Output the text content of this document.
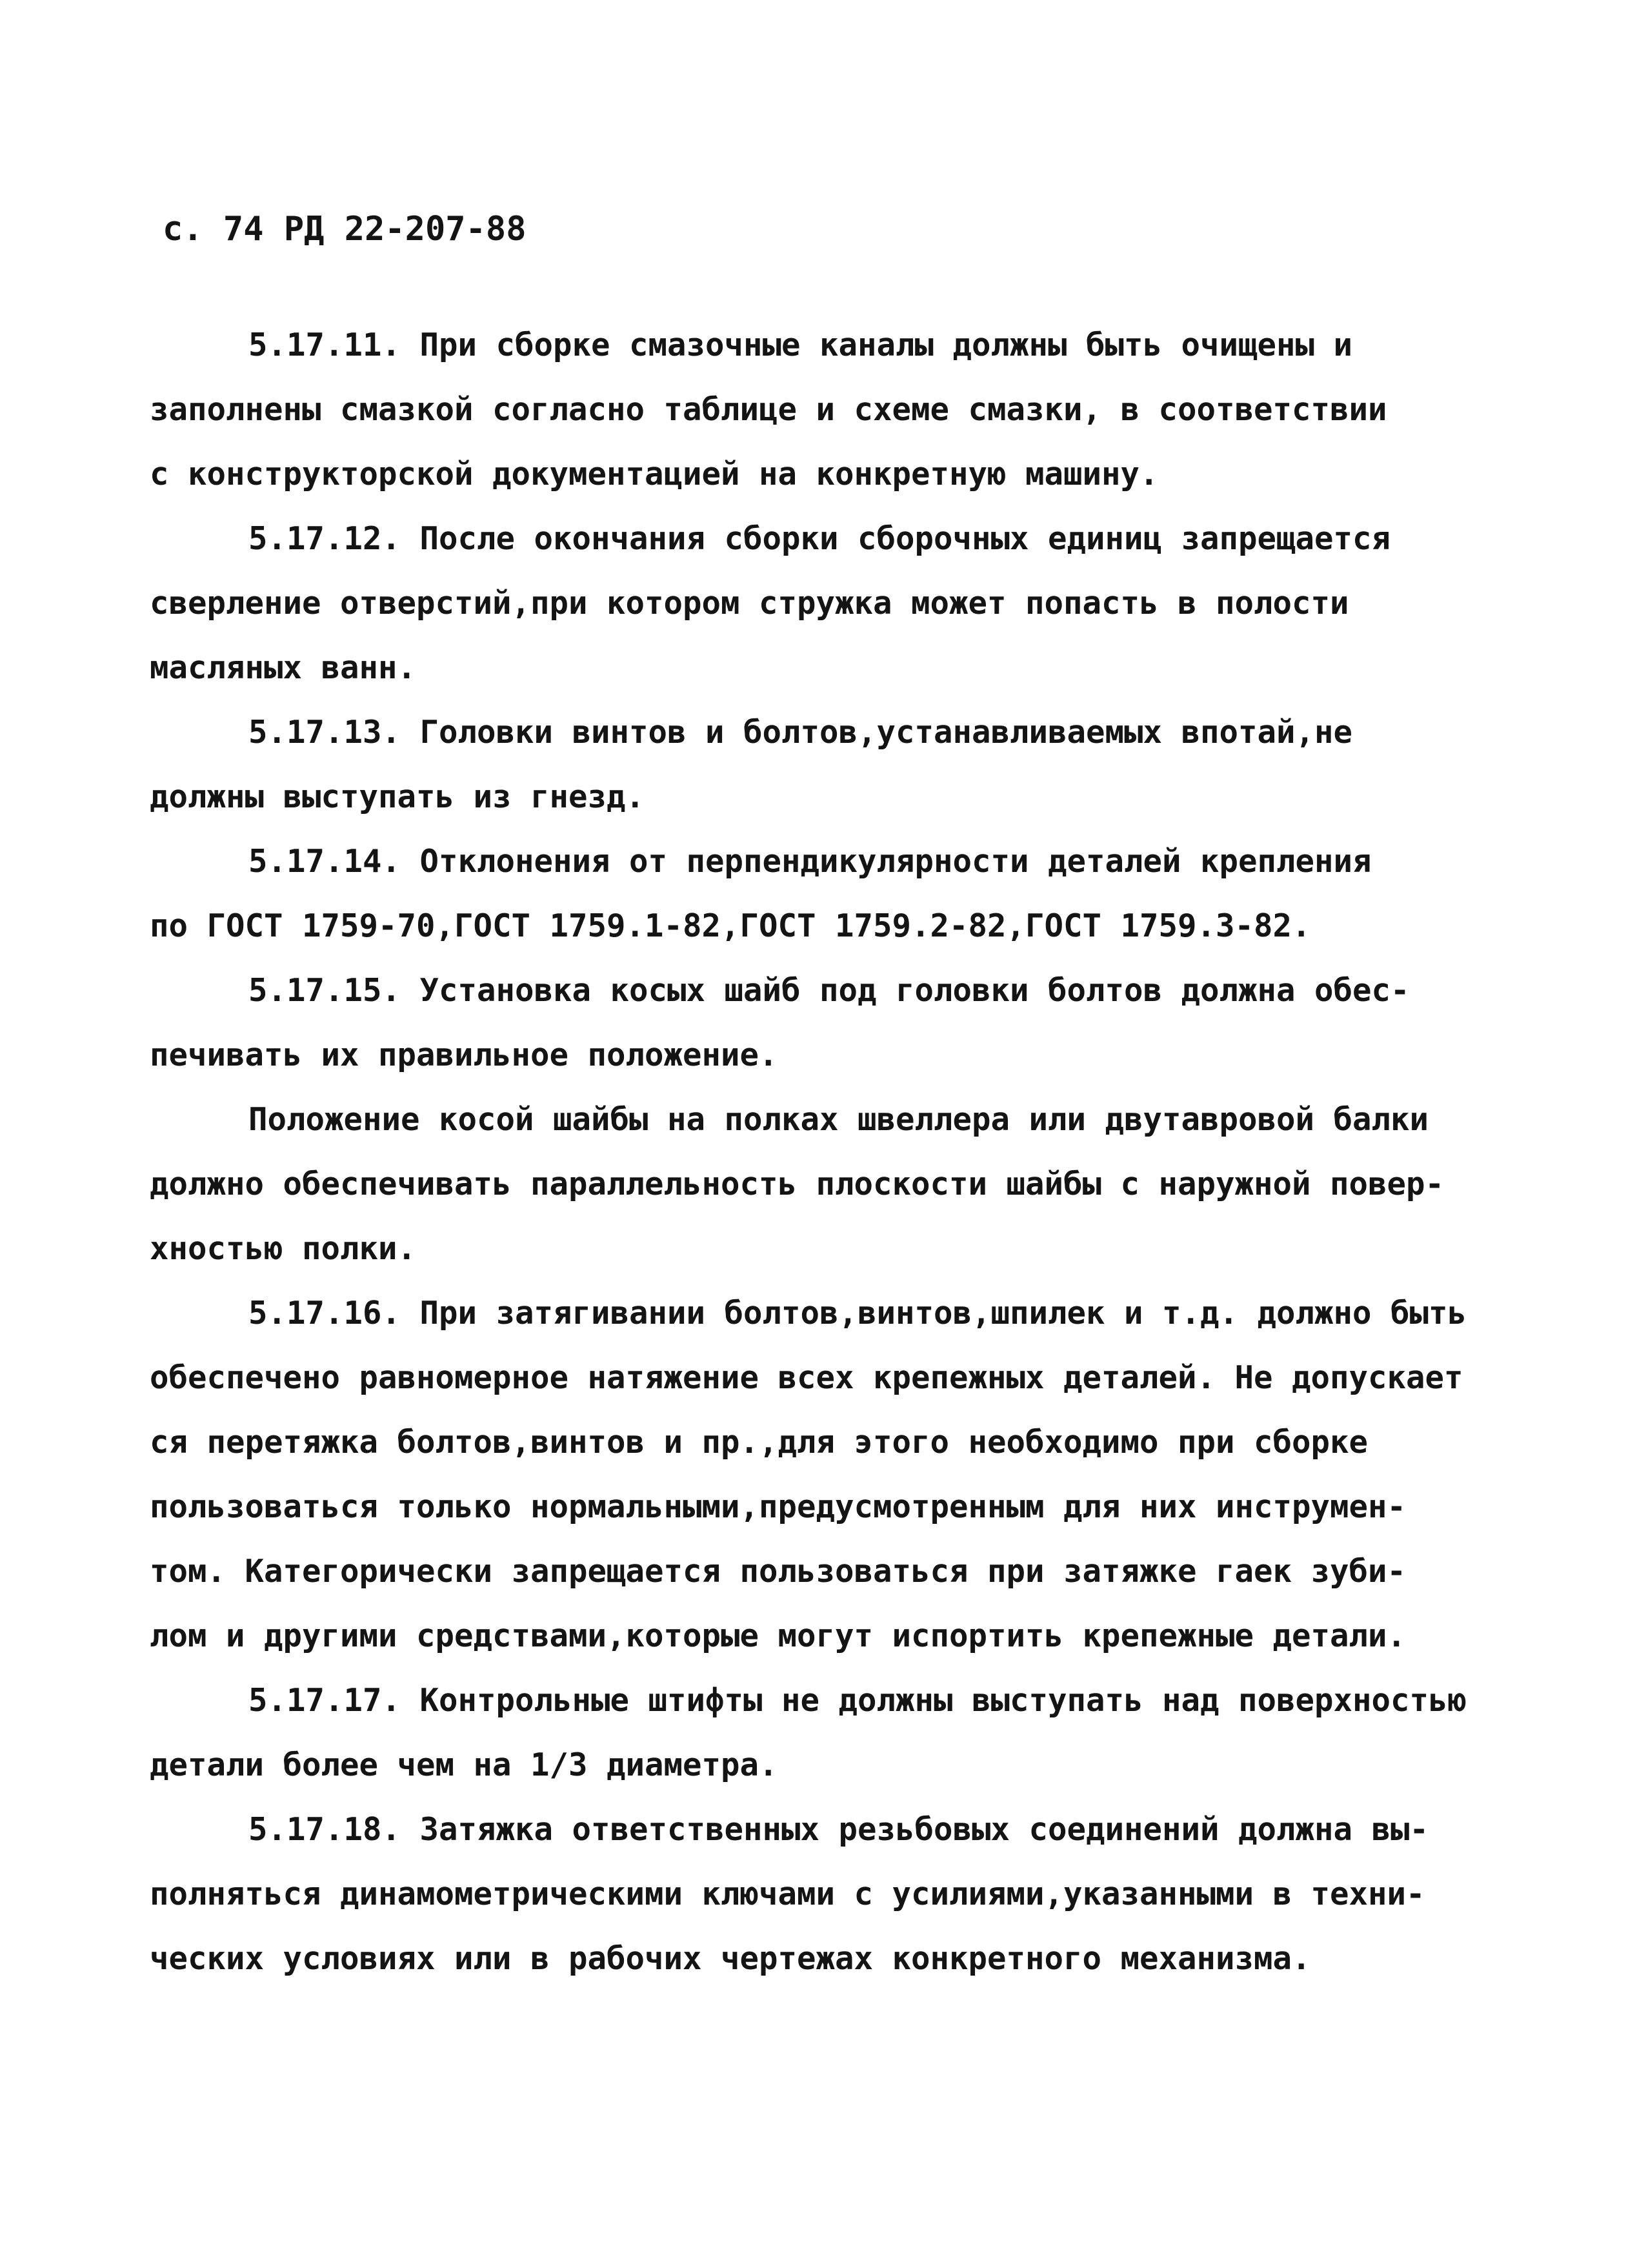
с. 74 РД 22-207-88
5.17.11. При сборке смазочные каналы должны быть очищены и
заполнены смазкой согласно таблице и схеме смазки, в соответствии
с конструкторской документацией на конкретную машину.
5.17.12. После окончания сборки сборочных единиц запрещается
сверление отверстий,при котором стружка может попасть в полости
масляных ванн.
5.17.13. Головки винтов и болтов,устанавливаемых впотай,не
должны выступать из гнезд.
5.17.14. Отклонения от перпендикулярности деталей крепления
по ГОСТ 1759-70,ГОСТ 1759.1-82,ГОСТ 1759.2-82,ГОСТ 1759.3-82.
5.17.15. Установка косых шайб под головки болтов должна обес-
печивать их правильное положение.
Положение косой шайбы на полках швеллера или двутавровой балки
должно обеспечивать параллельность плоскости шайбы с наружной повер-
хностью полки.
5.17.16. При затягивании болтов,винтов,шпилек и т.д. должно быть
обеспечено равномерное натяжение всех крепежных деталей. Не допускает
ся перетяжка болтов,винтов и пр.,для этого необходимо при сборке
пользоваться только нормальными,предусмотренным для них инструмен-
том. Категорически запрещается пользоваться при затяжке гаек зуби-
лом и другими средствами,которые могут испортить крепежные детали.
5.17.17. Контрольные штифты не должны выступать над поверхностью
детали более чем на 1/3 диаметра.
5.17.18. Затяжка ответственных резьбовых соединений должна вы-
полняться динамометрическими ключами с усилиями,указанными в техни-
ческих условиях или в рабочих чертежах конкретного механизма.
